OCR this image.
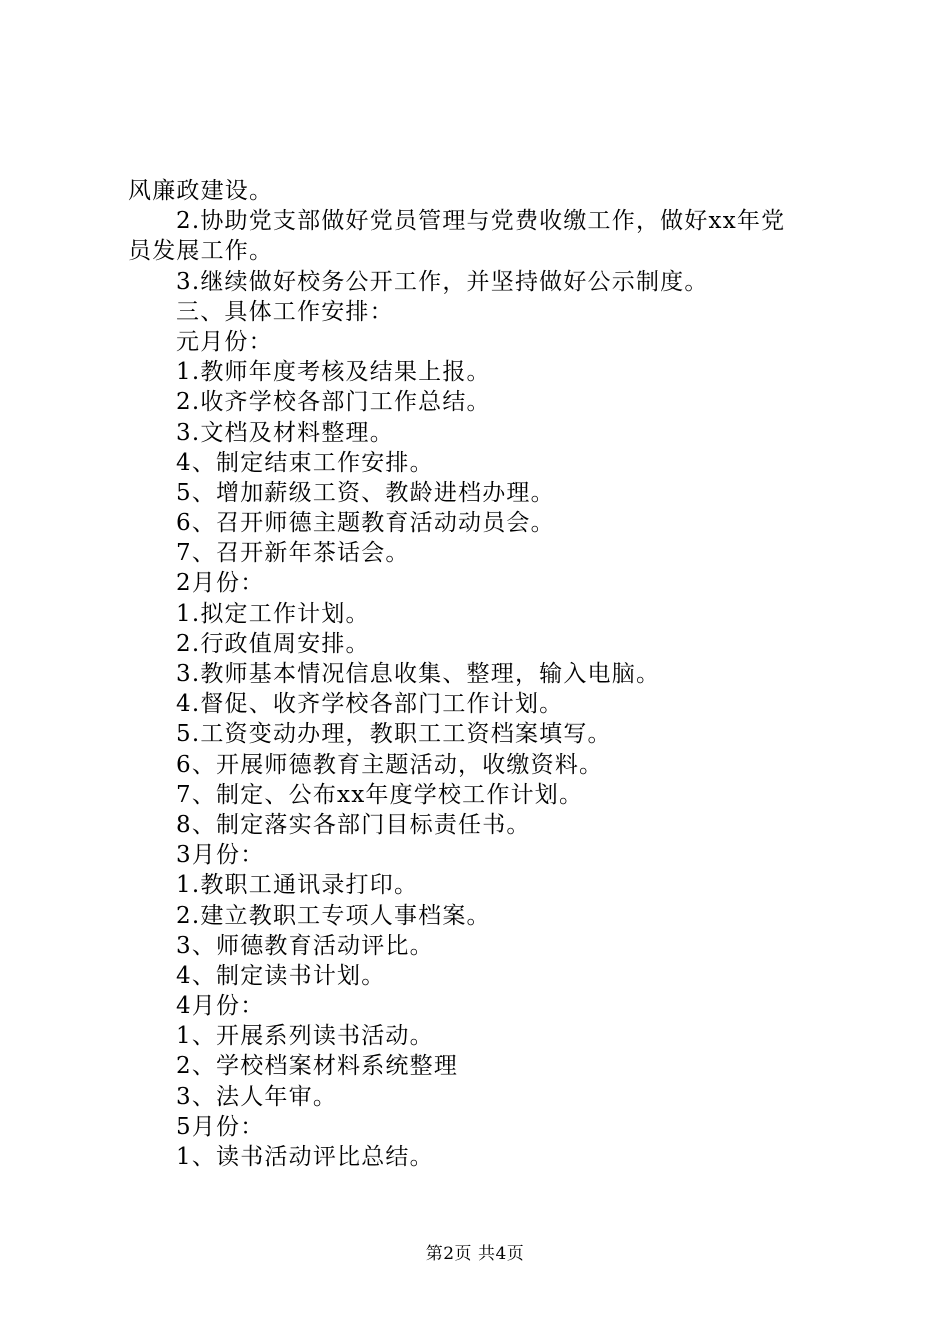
风廉政建设。
2.协助党支部做好党员管理与党费收缴工作，做好xx年党
员发展工作。
3.继续做好校务公开工作，并坚持做好公示制度。
三、具体工作安排：
元月份：
1.教师年度考核及结果上报。
2.收齐学校各部门工作总结。
3.文档及材料整理。
4、制定结束工作安排。
5、增加薪级工资、教龄进档办理。
6、召开师德主题教育活动动员会。
7、召开新年茶话会。
2月份：
1.拟定工作计划。
2.行政值周安排。
3.教师基本情况信息收集、整理，输入电脑。
4.督促、收齐学校各部门工作计划。
5.工资变动办理，教职工工资档案填写。
6、开展师德教育主题活动，收缴资料。
7、制定、公布xx年度学校工作计划。
8、制定落实各部门目标责任书。
3月份：
1.教职工通讯录打印。
2.建立教职工专项人事档案。
3、师德教育活动评比。
4、制定读书计划。
4月份：
1、开展系列读书活动。
2、学校档案材料系统整理
3、法人年审。
5月份：
1、读书活动评比总结。
第2页 共4页
